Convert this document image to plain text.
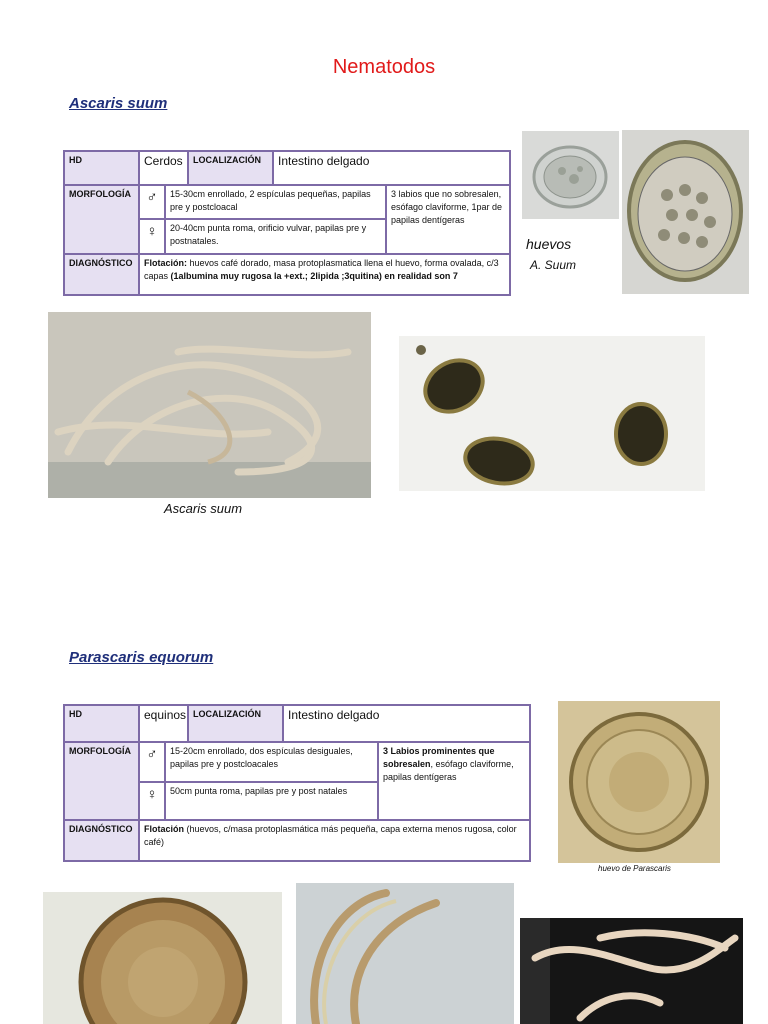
Nematodos
Ascaris suum
HD	Cerdos	LOCALIZACIÓN	Intestino delgado
MORFOLOGÍA	♂	15-30cm enrollado, 2 espículas pequeñas, papilas pre y postcloacal
♀	20-40cm punta roma, orificio vulvar, papilas pre y postnatales.
3 labios que no sobresalen, esófago claviforme, 1par de papilas dentígeras
DIAGNÓSTICO	Flotación: huevos café dorado, masa protoplasmatica llena el huevo, forma ovalada, c/3 capas (1albumina muy rugosa la +ext.; 2lipida ;3quitina) en realidad son 7
huevos
A. Suum
Ascaris suum
Parascaris equorum
HD	equinos LOCALIZACIÓN	Intestino delgado
MORFOLOGÍA	♂	15-20cm enrollado, dos espículas desiguales, papilas pre y postcloacales
♀	50cm punta roma, papilas pre y post natales
3 Labios prominentes que sobresalen, esófago claviforme, papilas dentígeras
DIAGNÓSTICO	Flotación (huevos, c/masa protoplasmática más pequeña, capa externa menos rugosa, color café)
huevo de Parascaris
